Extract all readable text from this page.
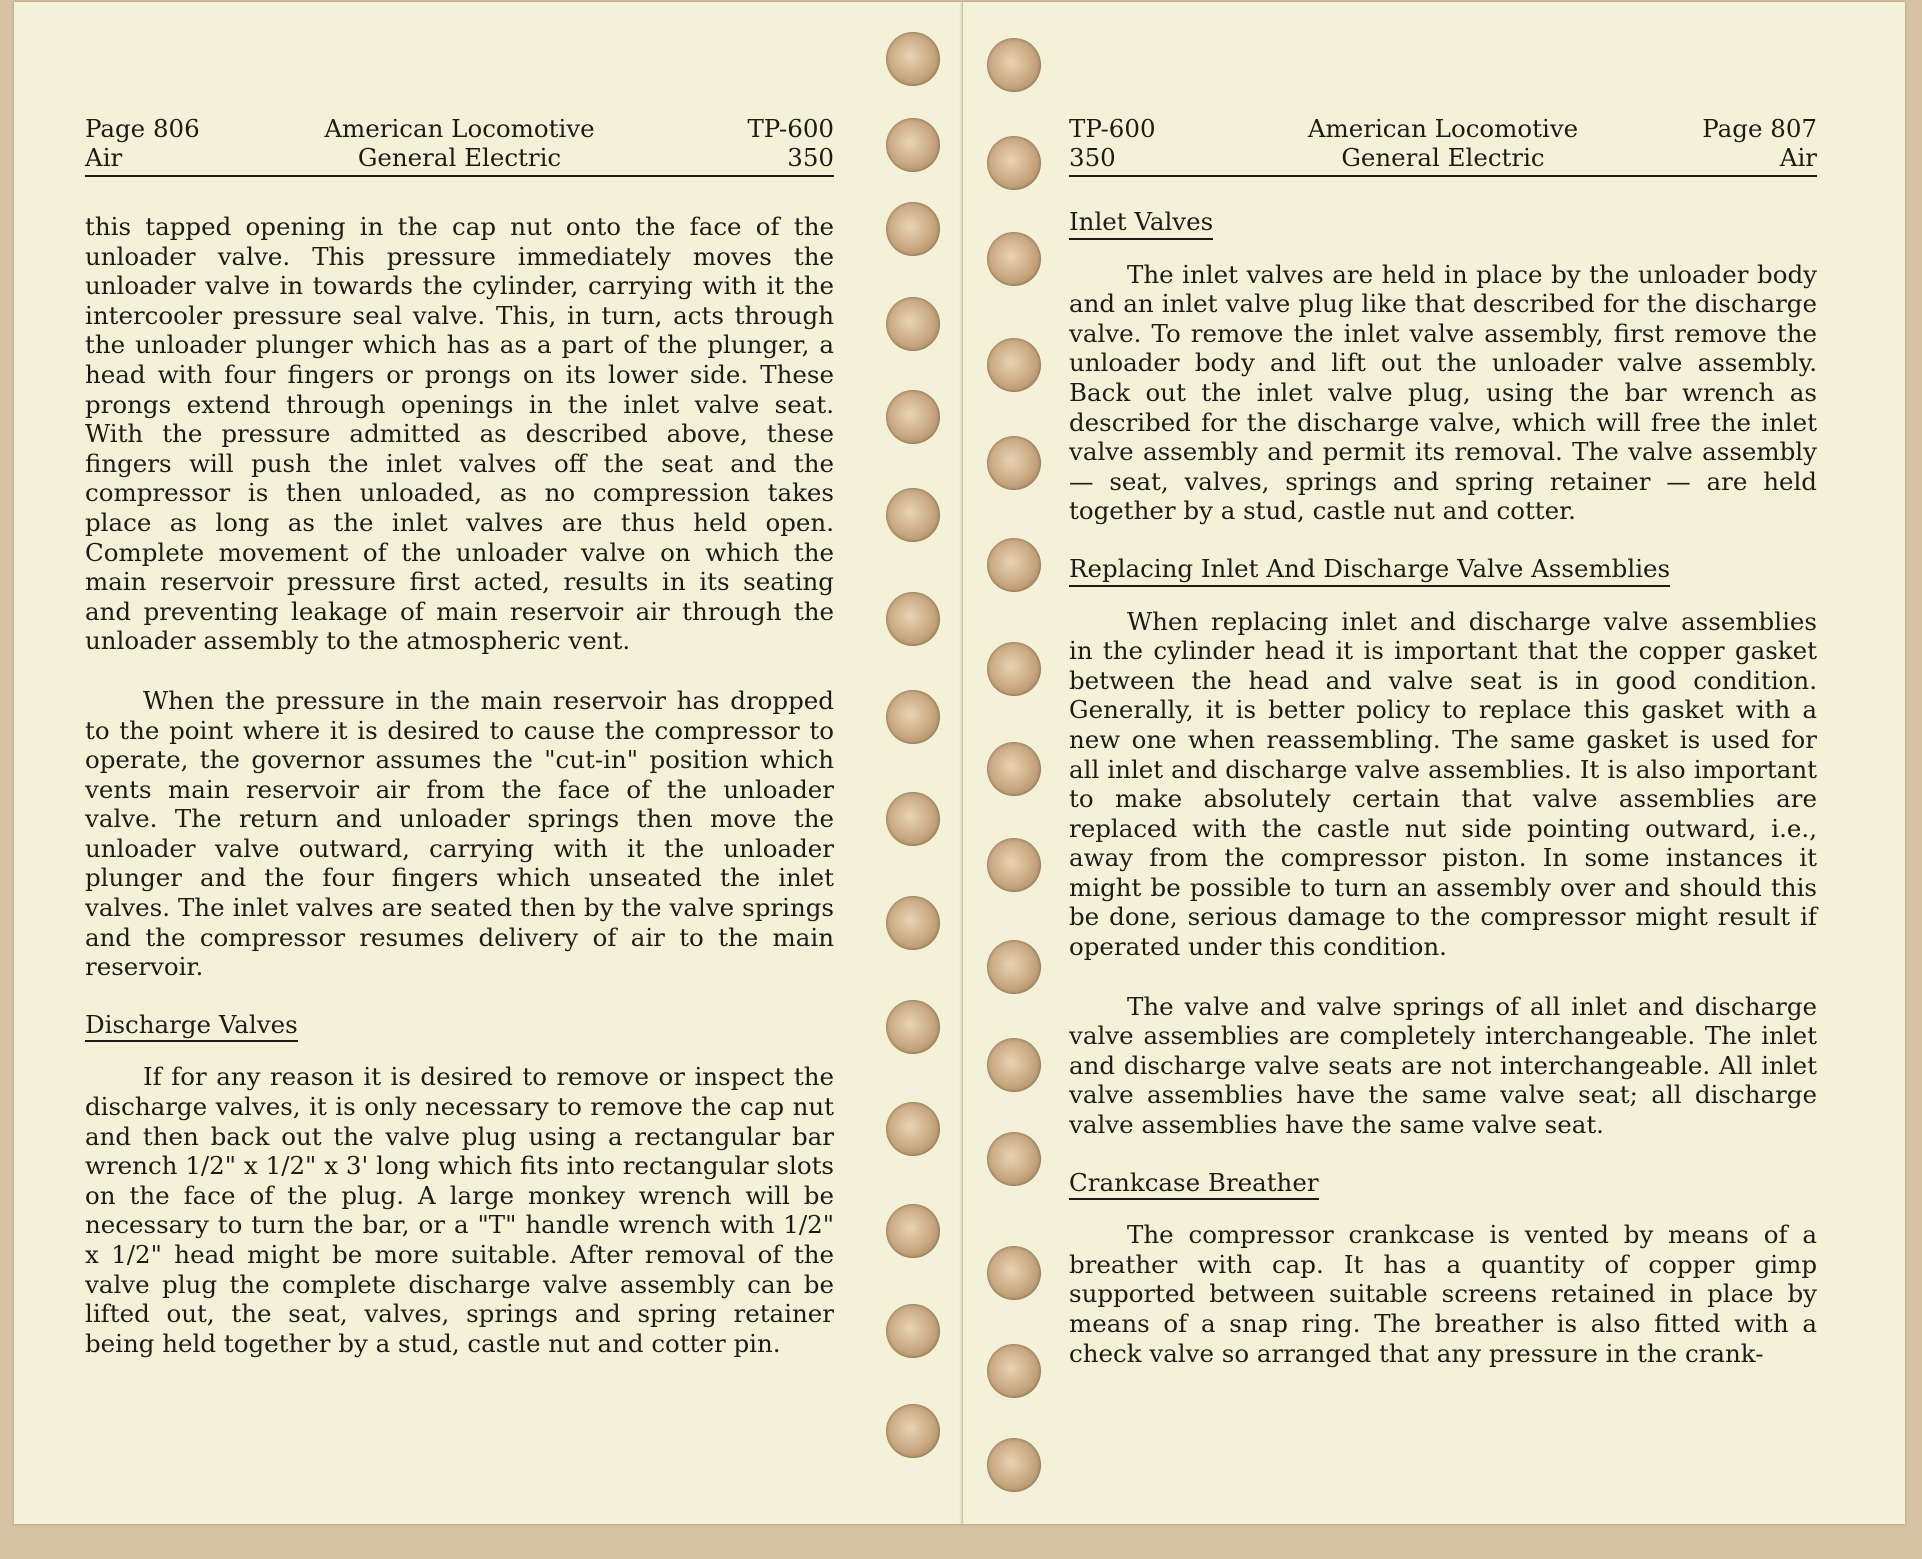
Page 806	American Locomotive	TP-600
Air	General Electric	350

this tapped opening in the cap nut onto the face of the unloader valve. This pressure immediately moves the unloader valve in towards the cylinder, carrying with it the intercooler pressure seal valve. This, in turn, acts through the unloader plunger which has as a part of the plunger, a head with four fingers or prongs on its lower side. These prongs extend through openings in the inlet valve seat. With the pressure admitted as described above, these fingers will push the inlet valves off the seat and the compressor is then unloaded, as no compression takes place as long as the inlet valves are thus held open. Complete movement of the unloader valve on which the main reservoir pressure first acted, results in its seating and preventing leakage of main reservoir air through the unloader assembly to the atmospheric vent.

When the pressure in the main reservoir has dropped to the point where it is desired to cause the compressor to operate, the governor assumes the "cut-in" position which vents main reservoir air from the face of the unloader valve. The return and unloader springs then move the unloader valve outward, carrying with it the unloader plunger and the four fingers which unseated the inlet valves. The inlet valves are seated then by the valve springs and the compressor resumes delivery of air to the main reservoir.

Discharge Valves

If for any reason it is desired to remove or inspect the discharge valves, it is only necessary to remove the cap nut and then back out the valve plug using a rectangular bar wrench 1/2" x 1/2" x 3' long which fits into rectangular slots on the face of the plug. A large monkey wrench will be necessary to turn the bar, or a "T" handle wrench with 1/2" x 1/2" head might be more suitable. After removal of the valve plug the complete discharge valve assembly can be lifted out, the seat, valves, springs and spring retainer being held together by a stud, castle nut and cotter pin.

TP-600	American Locomotive	Page 807
350	General Electric	Air
Inlet Valves

The inlet valves are held in place by the unloader body and an inlet valve plug like that described for the discharge valve. To remove the inlet valve assembly, first remove the unloader body and lift out the unloader valve assembly. Back out the inlet valve plug, using the bar wrench as described for the discharge valve, which will free the inlet valve assembly and permit its removal. The valve assembly — seat, valves, springs and spring retainer — are held together by a stud, castle nut and cotter.

Replacing Inlet And Discharge Valve Assemblies

When replacing inlet and discharge valve assemblies in the cylinder head it is important that the copper gasket between the head and valve seat is in good condition. Generally, it is better policy to replace this gasket with a new one when reassembling. The same gasket is used for all inlet and discharge valve assemblies. It is also important to make absolutely certain that valve assemblies are replaced with the castle nut side pointing outward, i.e., away from the compressor piston. In some instances it might be possible to turn an assembly over and should this be done, serious damage to the compressor might result if operated under this condition.

The valve and valve springs of all inlet and discharge valve assemblies are completely interchangeable. The inlet and discharge valve seats are not interchangeable. All inlet valve assemblies have the same valve seat; all discharge valve assemblies have the same valve seat.

Crankcase Breather

The compressor crankcase is vented by means of a breather with cap. It has a quantity of copper gimp supported between suitable screens retained in place by means of a snap ring. The breather is also fitted with a check valve so arranged that any pressure in the crank-
